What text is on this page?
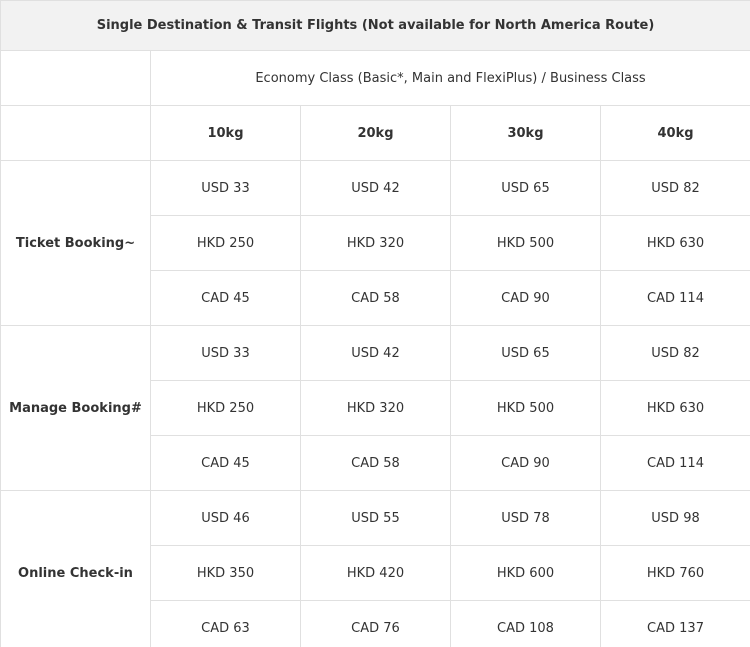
Single Destination & Transit Flights (Not available for North America Route)				
	Economy Class (Basic*, Main and FlexiPlus) / Business Class			
	10kg	20kg	30kg	40kg
Ticket Booking~	USD 33	USD 42	USD 65	USD 82
	HKD 250	HKD 320	HKD 500	HKD 630
	CAD 45	CAD 58	CAD 90	CAD 114
Manage Booking#	USD 33	USD 42	USD 65	USD 82
	HKD 250	HKD 320	HKD 500	HKD 630
	CAD 45	CAD 58	CAD 90	CAD 114
Online Check-in	USD 46	USD 55	USD 78	USD 98
	HKD 350	HKD 420	HKD 600	HKD 760
	CAD 63	CAD 76	CAD 108	CAD 137
